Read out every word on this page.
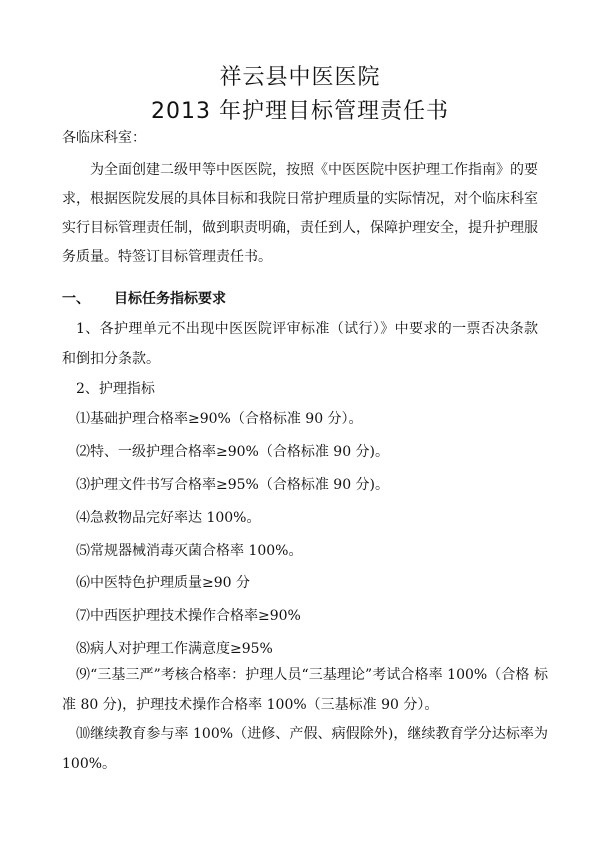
祥云县中医医院
2013 年护理目标管理责任书
各临床科室：
为全面创建二级甲等中医医院，按照《中医医院中医护理工作指南》的要求，根据医院发展的具体目标和我院日常护理质量的实际情况，对个临床科室实行目标管理责任制，做到职责明确，责任到人，保障护理安全，提升护理服务质量。特签订目标管理责任书。
一、 目标任务指标要求
1、各护理单元不出现中医医院评审标准（试行）》中要求的一票否决条款和倒扣分条款。
2、护理指标
⑴基础护理合格率≥90%（合格标准 90 分）。
⑵特、一级护理合格率≥90%（合格标准 90 分)。
⑶护理文件书写合格率≥95%（合格标准 90 分)。
⑷急救物品完好率达 100%。
⑸常规器械消毒灭菌合格率 100%。
⑹中医特色护理质量≥90 分
⑺中西医护理技术操作合格率≥90%
⑻病人对护理工作满意度≥95%
⑼“三基三严”考核合格率：护理人员“三基理论”考试合格率 100%（合格 标准 80 分)，护理技术操作合格率 100%（三基标准 90 分）。
⑽继续教育参与率 100%（进修、产假、病假除外)，继续教育学分达标率为 100%。
